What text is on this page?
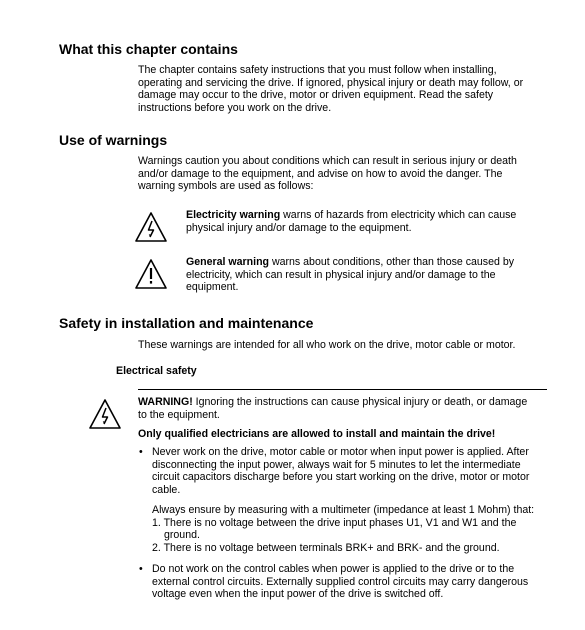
What this chapter contains
The chapter contains safety instructions that you must follow when installing,
operating and servicing the drive. If ignored, physical injury or death may follow, or
damage may occur to the drive, motor or driven equipment. Read the safety
instructions before you work on the drive.
Use of warnings
Warnings caution you about conditions which can result in serious injury or death
and/or damage to the equipment, and advise on how to avoid the danger. The
warning symbols are used as follows:
Electricity warning warns of hazards from electricity which can cause
physical injury and/or damage to the equipment.
General warning warns about conditions, other than those caused by
electricity, which can result in physical injury and/or damage to the
equipment.
Safety in installation and maintenance
These warnings are intended for all who work on the drive, motor cable or motor.
Electrical safety
WARNING! Ignoring the instructions can cause physical injury or death, or damage
to the equipment.
Only qualified electricians are allowed to install and maintain the drive!
• Never work on the drive, motor cable or motor when input power is applied. After
disconnecting the input power, always wait for 5 minutes to let the intermediate
circuit capacitors discharge before you start working on the drive, motor or motor
cable.
Always ensure by measuring with a multimeter (impedance at least 1 Mohm) that:
1. There is no voltage between the drive input phases U1, V1 and W1 and the
ground.
2. There is no voltage between terminals BRK+ and BRK- and the ground.
• Do not work on the control cables when power is applied to the drive or to the
external control circuits. Externally supplied control circuits may carry dangerous
voltage even when the input power of the drive is switched off.
